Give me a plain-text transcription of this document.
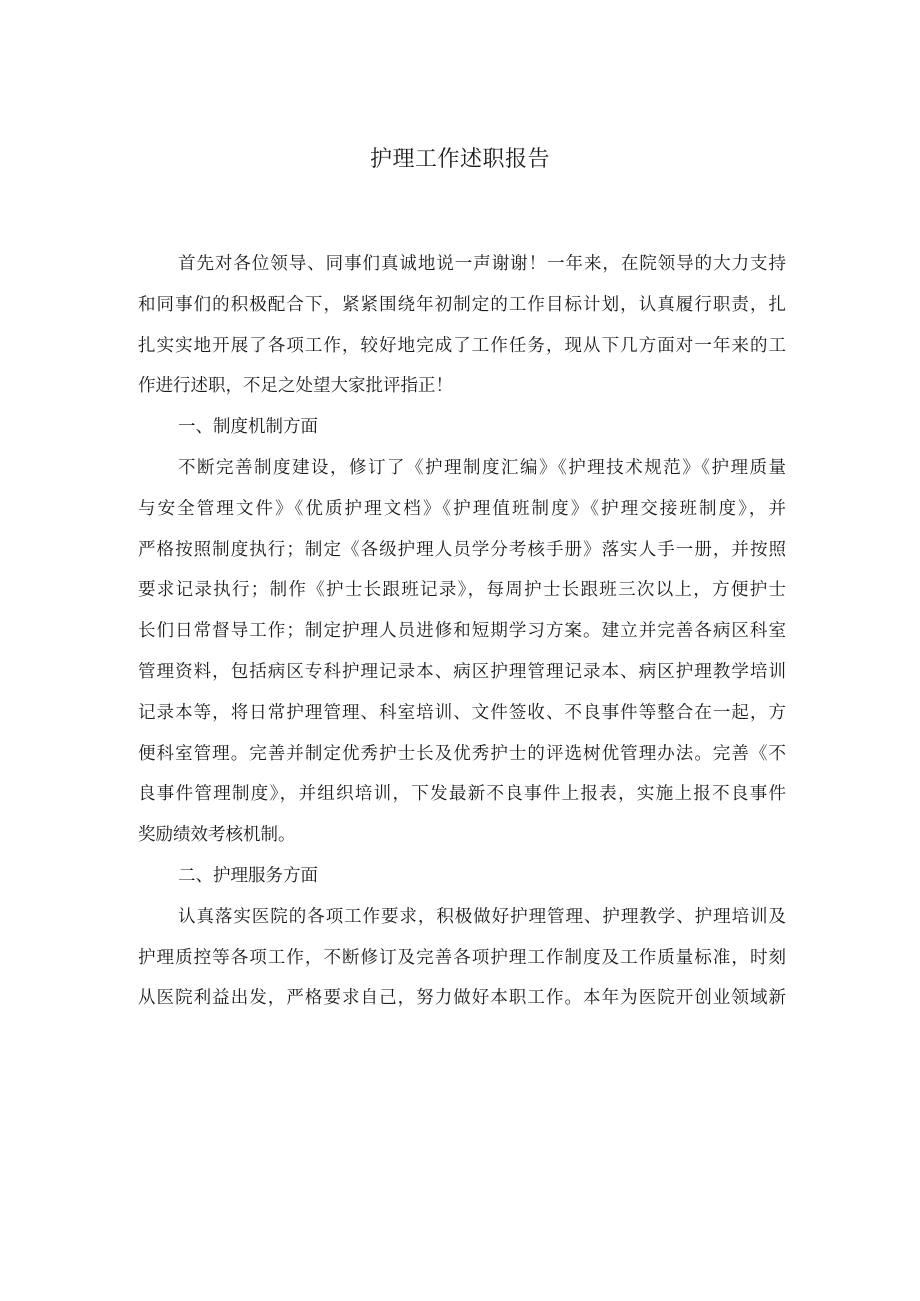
护理工作述职报告
首先对各位领导、同事们真诚地说一声谢谢！一年来，在院领导的大力支持
和同事们的积极配合下，紧紧围绕年初制定的工作目标计划，认真履行职责，扎
扎实实地开展了各项工作，较好地完成了工作任务，现从下几方面对一年来的工
作进行述职，不足之处望大家批评指正！
一、制度机制方面
不断完善制度建设，修订了《护理制度汇编》《护理技术规范》《护理质量
与安全管理文件》《优质护理文档》《护理值班制度》《护理交接班制度》，并
严格按照制度执行；制定《各级护理人员学分考核手册》落实人手一册，并按照
要求记录执行；制作《护士长跟班记录》，每周护士长跟班三次以上，方便护士
长们日常督导工作；制定护理人员进修和短期学习方案。建立并完善各病区科室
管理资料，包括病区专科护理记录本、病区护理管理记录本、病区护理教学培训
记录本等，将日常护理管理、科室培训、文件签收、不良事件等整合在一起，方
便科室管理。完善并制定优秀护士长及优秀护士的评选树优管理办法。完善《不
良事件管理制度》，并组织培训，下发最新不良事件上报表，实施上报不良事件
奖励绩效考核机制。
二、护理服务方面
认真落实医院的各项工作要求，积极做好护理管理、护理教学、护理培训及
护理质控等各项工作，不断修订及完善各项护理工作制度及工作质量标准，时刻
从医院利益出发，严格要求自己，努力做好本职工作。本年为医院开创业领域新
